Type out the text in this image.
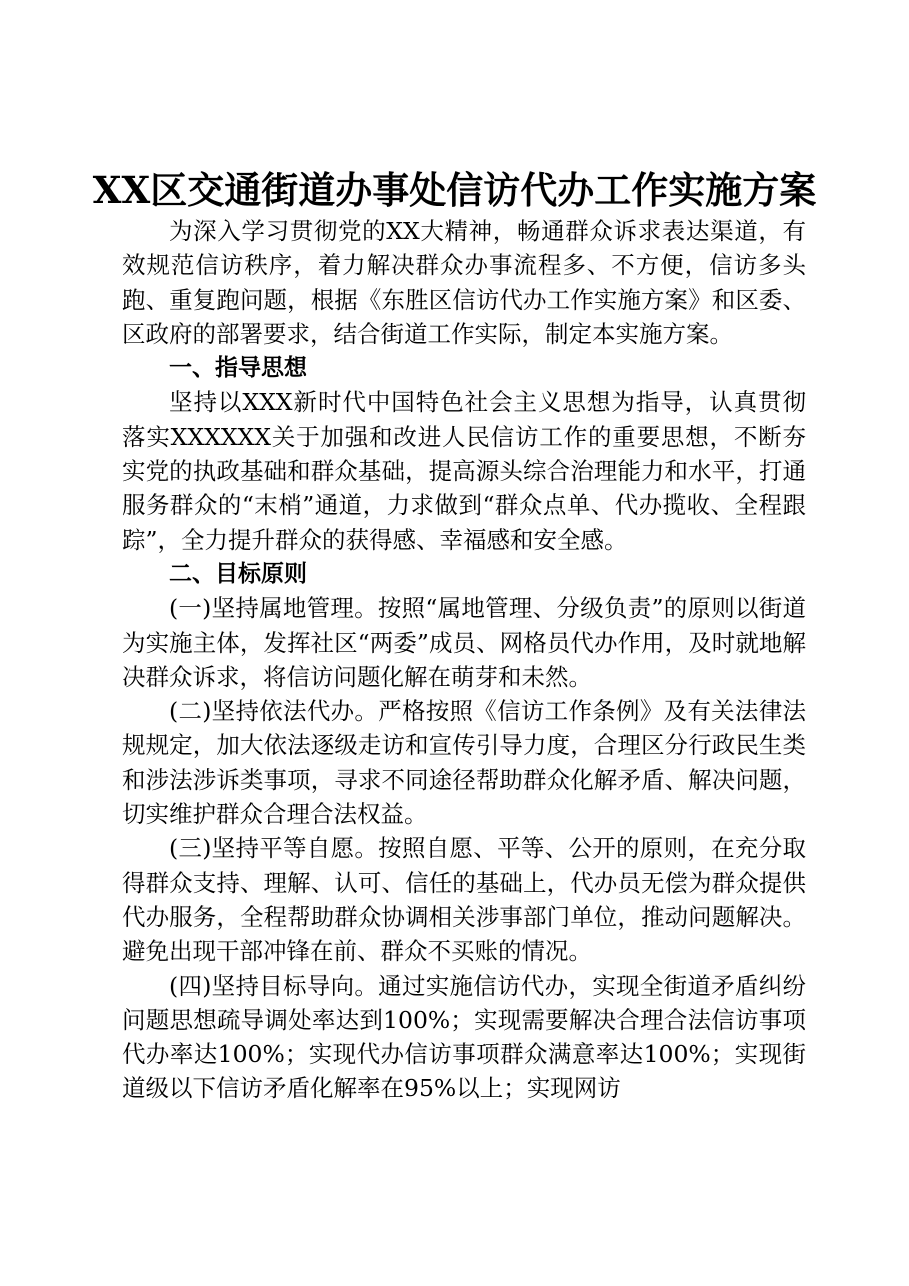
XX区交通街道办事处信访代办工作实施方案

为深入学习贯彻党的XX大精神，畅通群众诉求表达渠道，有效规范信访秩序，着力解决群众办事流程多、不方便，信访多头跑、重复跑问题，根据《东胜区信访代办工作实施方案》和区委、区政府的部署要求，结合街道工作实际，制定本实施方案。

一、指导思想

坚持以XXX新时代中国特色社会主义思想为指导，认真贯彻落实XXXXXX关于加强和改进人民信访工作的重要思想，不断夯实党的执政基础和群众基础，提高源头综合治理能力和水平，打通服务群众的“末梢”通道，力求做到“群众点单、代办揽收、全程跟踪”，全力提升群众的获得感、幸福感和安全感。

二、目标原则

(一)坚持属地管理。按照“属地管理、分级负责”的原则以街道为实施主体，发挥社区“两委”成员、网格员代办作用，及时就地解决群众诉求，将信访问题化解在萌芽和未然。

(二)坚持依法代办。严格按照《信访工作条例》及有关法律法规规定，加大依法逐级走访和宣传引导力度，合理区分行政民生类和涉法涉诉类事项，寻求不同途径帮助群众化解矛盾、解决问题，切实维护群众合理合法权益。

(三)坚持平等自愿。按照自愿、平等、公开的原则，在充分取得群众支持、理解、认可、信任的基础上，代办员无偿为群众提供代办服务，全程帮助群众协调相关涉事部门单位，推动问题解决。避免出现干部冲锋在前、群众不买账的情况。

(四)坚持目标导向。通过实施信访代办，实现全街道矛盾纠纷问题思想疏导调处率达到100%；实现需要解决合理合法信访事项代办率达100%；实现代办信访事项群众满意率达100%；实现街道级以下信访矛盾化解率在95%以上；实现网访
